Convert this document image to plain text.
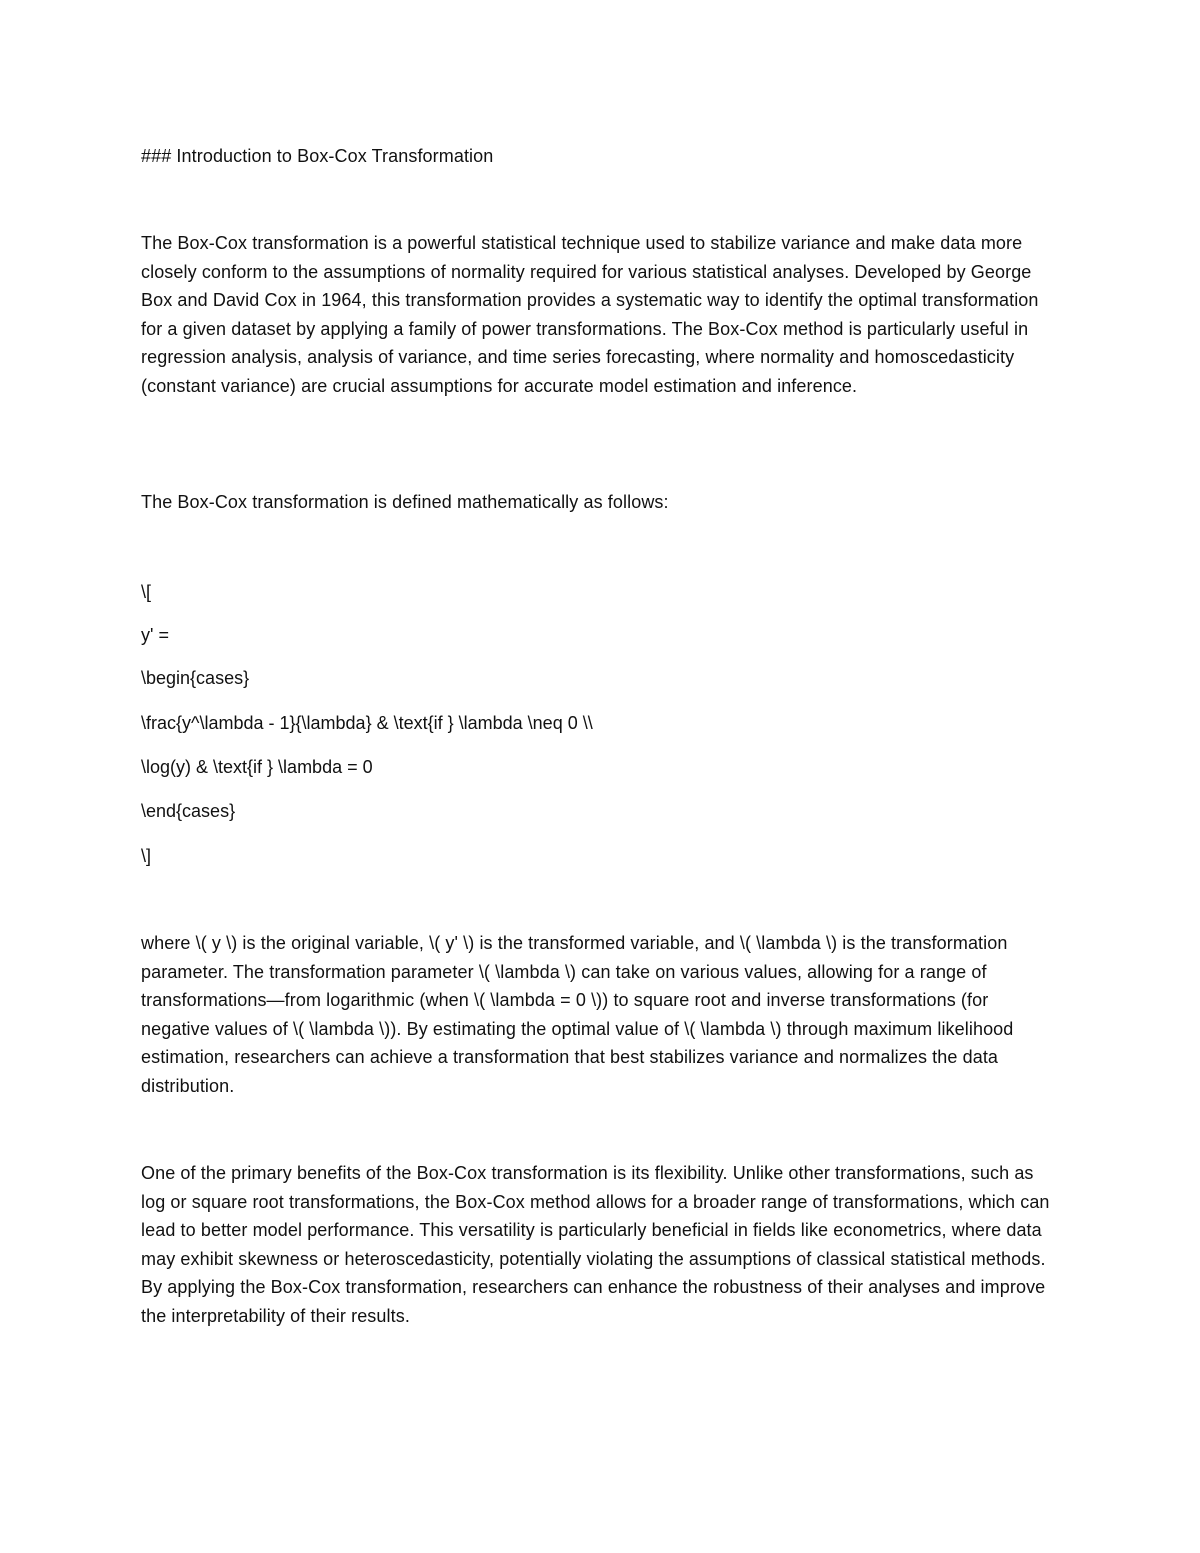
### Introduction to Box-Cox Transformation

The Box-Cox transformation is a powerful statistical technique used to stabilize variance and make data more closely conform to the assumptions of normality required for various statistical analyses. Developed by George Box and David Cox in 1964, this transformation provides a systematic way to identify the optimal transformation for a given dataset by applying a family of power transformations. The Box-Cox method is particularly useful in regression analysis, analysis of variance, and time series forecasting, where normality and homoscedasticity (constant variance) are crucial assumptions for accurate model estimation and inference.

The Box-Cox transformation is defined mathematically as follows:

\[

y' =

\begin{cases}

\frac{y^\lambda - 1}{\lambda} & \text{if } \lambda \neq 0 \\

\log(y) & \text{if } \lambda = 0

\end{cases}

\]

where \( y \) is the original variable, \( y' \) is the transformed variable, and \( \lambda \) is the transformation parameter. The transformation parameter \( \lambda \) can take on various values, allowing for a range of transformations—from logarithmic (when \( \lambda = 0 \)) to square root and inverse transformations (for negative values of \( \lambda \)). By estimating the optimal value of \( \lambda \) through maximum likelihood estimation, researchers can achieve a transformation that best stabilizes variance and normalizes the data distribution.

One of the primary benefits of the Box-Cox transformation is its flexibility. Unlike other transformations, such as log or square root transformations, the Box-Cox method allows for a broader range of transformations, which can lead to better model performance. This versatility is particularly beneficial in fields like econometrics, where data may exhibit skewness or heteroscedasticity, potentially violating the assumptions of classical statistical methods. By applying the Box-Cox transformation, researchers can enhance the robustness of their analyses and improve the interpretability of their results.
